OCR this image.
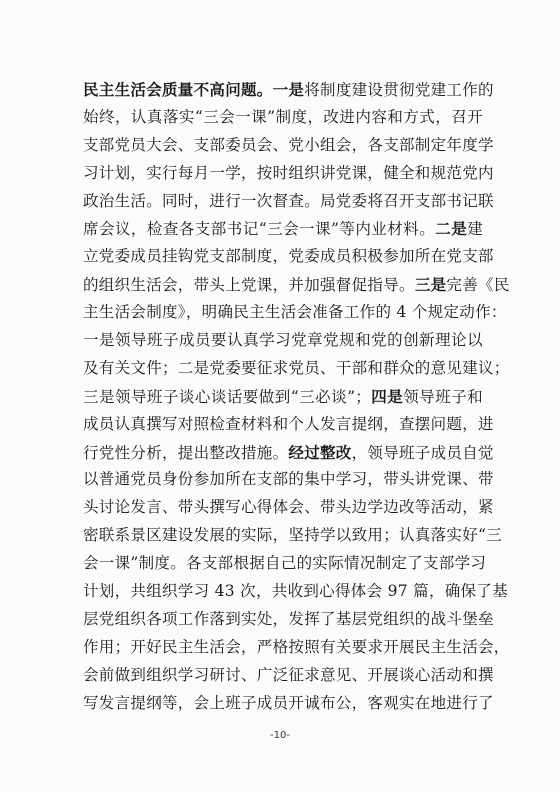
民主生活会质量不高问题。一是将制度建设贯彻党建工作的
始终，认真落实“三会一课”制度，改进内容和方式，召开
支部党员大会、支部委员会、党小组会，各支部制定年度学
习计划，实行每月一学，按时组织讲党课，健全和规范党内
政治生活。同时，进行一次督查。局党委将召开支部书记联
席会议，检查各支部书记“三会一课”等内业材料。二是建
立党委成员挂钩党支部制度，党委成员积极参加所在党支部
的组织生活会，带头上党课，并加强督促指导。三是完善《民
主生活会制度》，明确民主生活会准备工作的 4 个规定动作：
一是领导班子成员要认真学习党章党规和党的创新理论以
及有关文件；二是党委要征求党员、干部和群众的意见建议；
三是领导班子谈心谈话要做到“三必谈”；四是领导班子和
成员认真撰写对照检查材料和个人发言提纲，查摆问题，进
行党性分析，提出整改措施。经过整改，领导班子成员自觉
以普通党员身份参加所在支部的集中学习，带头讲党课、带
头讨论发言、带头撰写心得体会、带头边学边改等活动，紧
密联系景区建设发展的实际，坚持学以致用；认真落实好“三
会一课”制度。各支部根据自己的实际情况制定了支部学习
计划，共组织学习 43 次，共收到心得体会 97 篇，确保了基
层党组织各项工作落到实处，发挥了基层党组织的战斗堡垒
作用；开好民主生活会，严格按照有关要求开展民主生活会，
会前做到组织学习研讨、广泛征求意见、开展谈心活动和撰
写发言提纲等，会上班子成员开诚布公，客观实在地进行了
-10-
